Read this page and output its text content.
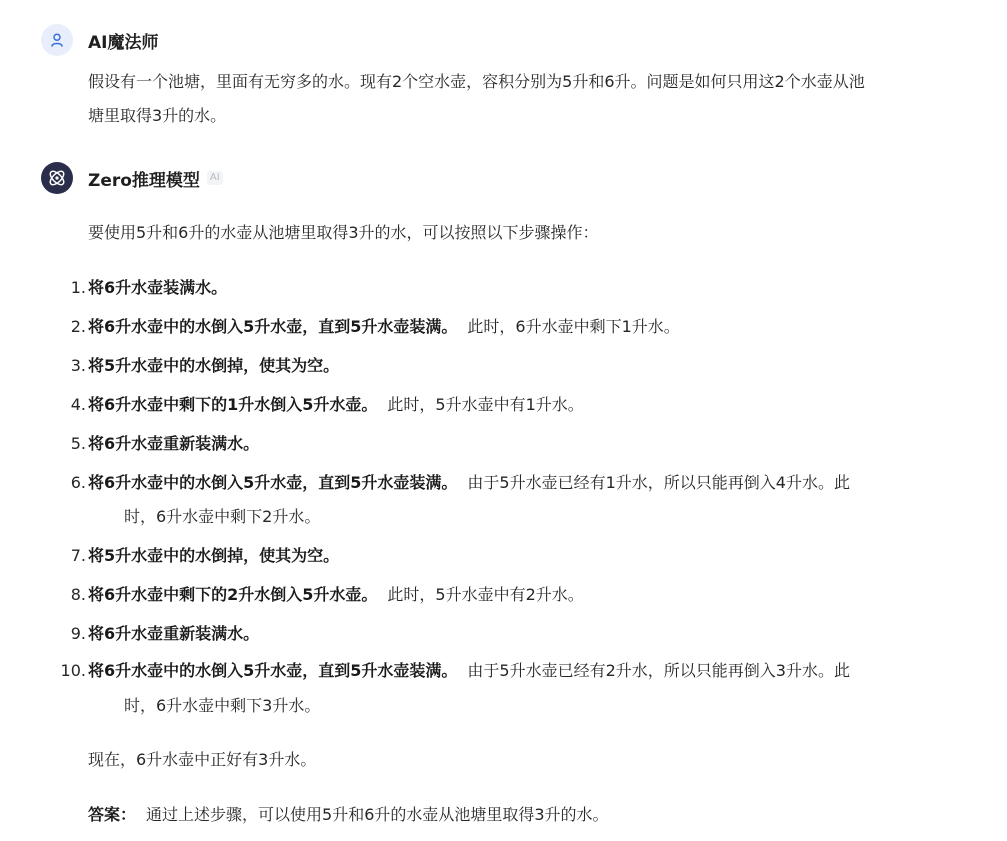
AI魔法师
假设有一个池塘，里面有无穷多的水。现有2个空水壶，容积分别为5升和6升。问题是如何只用这2个水壶从池
塘里取得3升的水。
Zero推理模型	AI
要使用5升和6升的水壶从池塘里取得3升的水，可以按照以下步骤操作：
1. 将6升水壶装满水。
2. 将6升水壶中的水倒入5升水壶，直到5升水壶装满。 此时，6升水壶中剩下1升水。
3. 将5升水壶中的水倒掉，使其为空。
4. 将6升水壶中剩下的1升水倒入5升水壶。 此时，5升水壶中有1升水。
5. 将6升水壶重新装满水。
6. 将6升水壶中的水倒入5升水壶，直到5升水壶装满。 由于5升水壶已经有1升水，所以只能再倒入4升水。此
7. 将5升水壶中的水倒掉，使其为空。
8. 将6升水壶中剩下的2升水倒入5升水壶。 此时，5升水壶中有2升水。
9. 将6升水壶重新装满水。
10. 将6升水壶中的水倒入5升水壶，直到5升水壶装满。 由于5升水壶已经有2升水，所以只能再倒入3升水。此
时，6升水壶中剩下2升水。
时，6升水壶中剩下3升水。
现在，6升水壶中正好有3升水。
答案： 通过上述步骤，可以使用5升和6升的水壶从池塘里取得3升的水。
